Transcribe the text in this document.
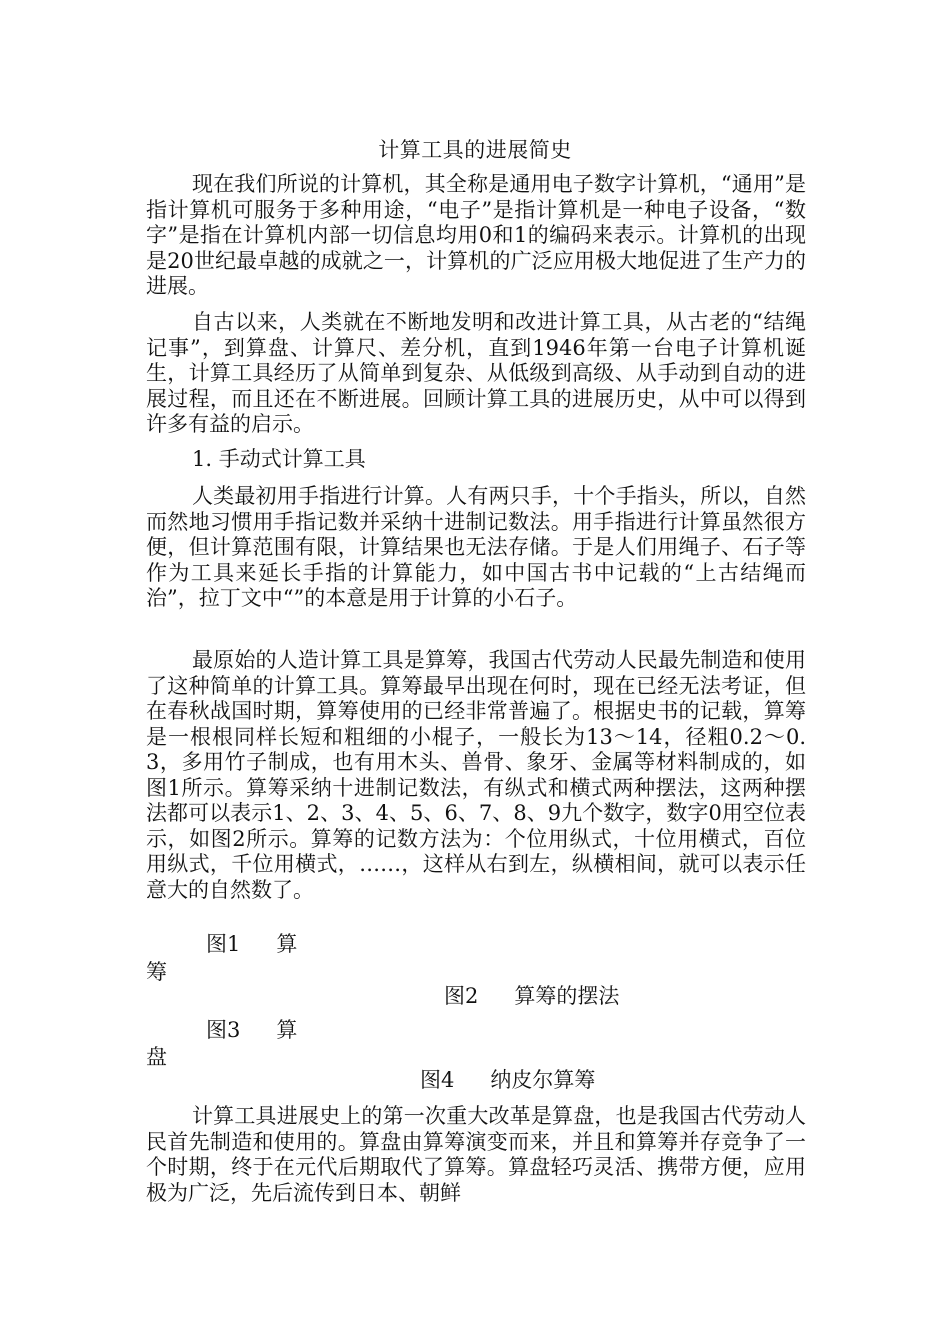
计算工具的进展简史

现在我们所说的计算机，其全称是通用电子数字计算机，“通用”是指计算机可服务于多种用途，“电子”是指计算机是一种电子设备，“数字”是指在计算机内部一切信息均用0和1的编码来表示。计算机的出现是20世纪最卓越的成就之一，计算机的广泛应用极大地促进了生产力的进展。

自古以来，人类就在不断地发明和改进计算工具，从古老的“结绳记事”，到算盘、计算尺、差分机，直到1946年第一台电子计算机诞生，计算工具经历了从简单到复杂、从低级到高级、从手动到自动的进展过程，而且还在不断进展。回顾计算工具的进展历史，从中可以得到许多有益的启示。

1. 手动式计算工具

人类最初用手指进行计算。人有两只手，十个手指头，所以，自然而然地习惯用手指记数并采纳十进制记数法。用手指进行计算虽然很方便，但计算范围有限，计算结果也无法存储。于是人们用绳子、石子等作为工具来延长手指的计算能力，如中国古书中记载的“上古结绳而治”，拉丁文中“”的本意是用于计算的小石子。

最原始的人造计算工具是算筹，我国古代劳动人民最先制造和使用了这种简单的计算工具。算筹最早出现在何时，现在已经无法考证，但在春秋战国时期，算筹使用的已经非常普遍了。根据史书的记载，算筹是一根根同样长短和粗细的小棍子，一般长为13～14，径粗0.2～0.3，多用竹子制成，也有用木头、兽骨、象牙、金属等材料制成的，如图1所示。算筹采纳十进制记数法，有纵式和横式两种摆法，这两种摆法都可以表示1、2、3、4、5、6、7、8、9九个数字，数字0用空位表示，如图2所示。算筹的记数方法为：个位用纵式，十位用横式，百位用纵式，千位用横式，……，这样从右到左，纵横相间，就可以表示任意大的自然数了。

图1 算
筹
图2 算筹的摆法
图3 算
盘
图4 纳皮尔算筹

计算工具进展史上的第一次重大改革是算盘，也是我国古代劳动人民首先制造和使用的。算盘由算筹演变而来，并且和算筹并存竞争了一个时期，终于在元代后期取代了算筹。算盘轻巧灵活、携带方便，应用极为广泛，先后流传到日本、朝鲜
